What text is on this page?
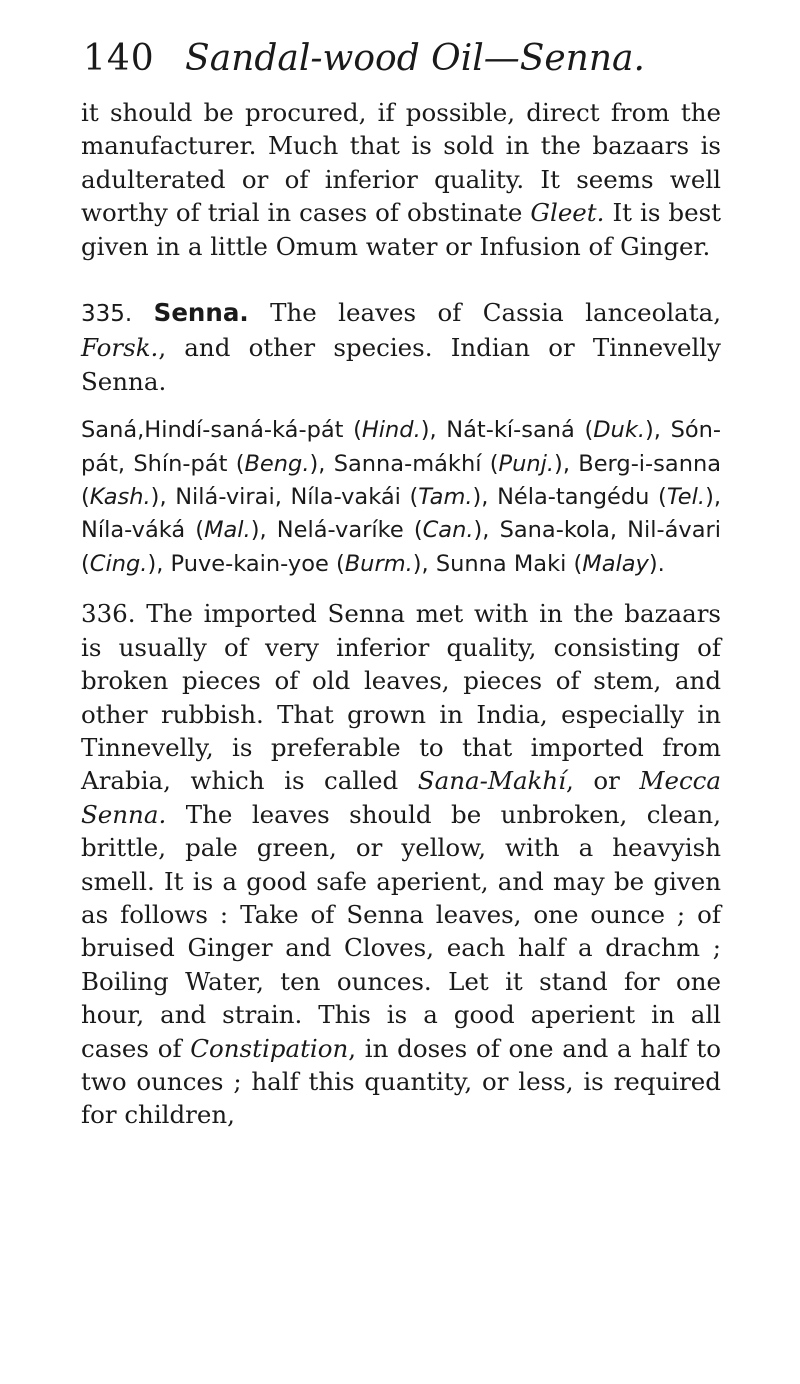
140 Sandal-wood Oil—Senna.

it should be procured, if possible, direct from the manufacturer. Much that is sold in the bazaars is adulterated or of inferior quality. It seems well worthy of trial in cases of obstinate Gleet. It is best given in a little Omum water or Infusion of Ginger.

335. Senna. The leaves of Cassia lanceolata, Forsk., and other species. Indian or Tinnevelly Senna.

Saná,Hindí-saná-ká-pát (Hind.), Nát-kí-saná (Duk.), Són-pát, Shín-pát (Beng.), Sanna-mákhí (Punj.), Berg-i-sanna (Kash.), Nilá-virai, Níla-vakái (Tam.), Néla-tangédu (Tel.), Níla-váká (Mal.), Nelá-varíke (Can.), Sana-kola, Nil-ávari (Cing.), Puve-kain-yoe (Burm.), Sunna Maki (Malay).

336. The imported Senna met with in the bazaars is usually of very inferior quality, consisting of broken pieces of old leaves, pieces of stem, and other rubbish. That grown in India, especially in Tinnevelly, is preferable to that imported from Arabia, which is called Sana-Makhí, or Mecca Senna. The leaves should be unbroken, clean, brittle, pale green, or yellow, with a heavyish smell. It is a good safe aperient, and may be given as follows : Take of Senna leaves, one ounce ; of bruised Ginger and Cloves, each half a drachm ; Boiling Water, ten ounces. Let it stand for one hour, and strain. This is a good aperient in all cases of Constipation, in doses of one and a half to two ounces ; half this quantity, or less, is required for children,
